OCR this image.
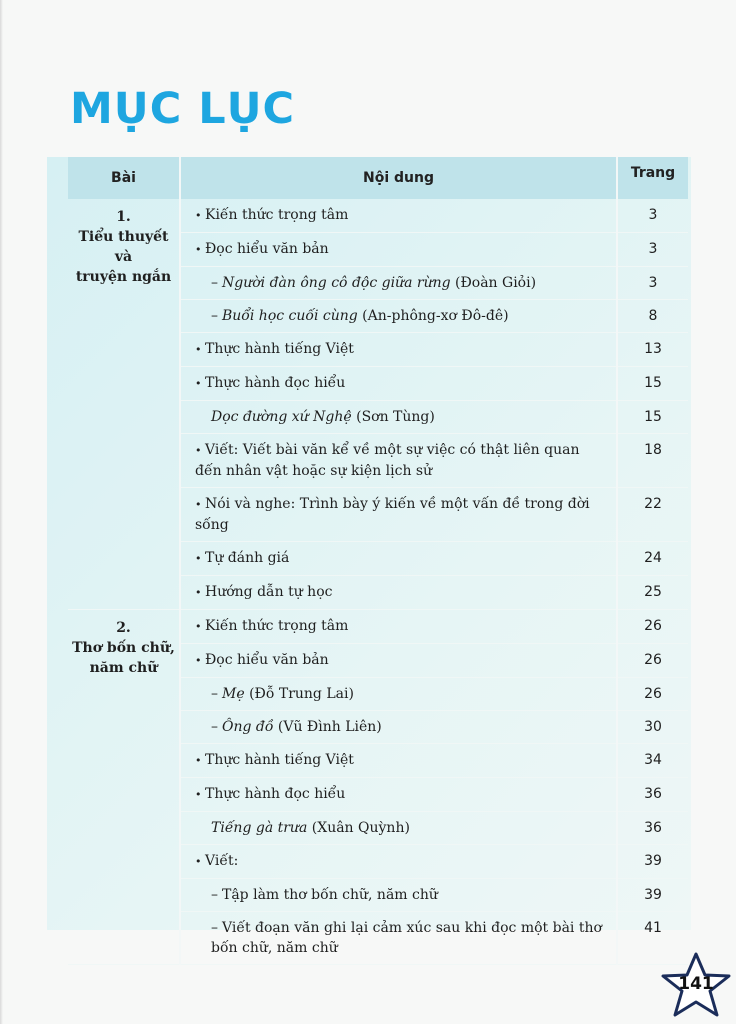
MỤC LỤC
Bài	Nội dung	Trang

1.
Tiểu thuyết
và
truyện ngắn	• Kiến thức trọng tâm	3
	• Đọc hiểu văn bản	3
	– Người đàn ông cô độc giữa rừng (Đoàn Giỏi)	3
	– Buổi học cuối cùng (An-phông-xơ Đô-đê)	8
	• Thực hành tiếng Việt	13
	• Thực hành đọc hiểu	15
	Dọc đường xứ Nghệ (Sơn Tùng)	15
	• Viết: Viết bài văn kể về một sự việc có thật liên quan đến nhân vật hoặc sự kiện lịch sử	18
	• Nói và nghe: Trình bày ý kiến về một vấn đề trong đời sống	22
	• Tự đánh giá	24
	• Hướng dẫn tự học	25

2.
Thơ bốn chữ,
năm chữ	• Kiến thức trọng tâm	26
	• Đọc hiểu văn bản	26
	– Mẹ (Đỗ Trung Lai)	26
	– Ông đồ (Vũ Đình Liên)	30
	• Thực hành tiếng Việt	34
	• Thực hành đọc hiểu	36
	Tiếng gà trưa (Xuân Quỳnh)	36
	• Viết:	39
	– Tập làm thơ bốn chữ, năm chữ	39
	– Viết đoạn văn ghi lại cảm xúc sau khi đọc một bài thơ bốn chữ, năm chữ	41
141
